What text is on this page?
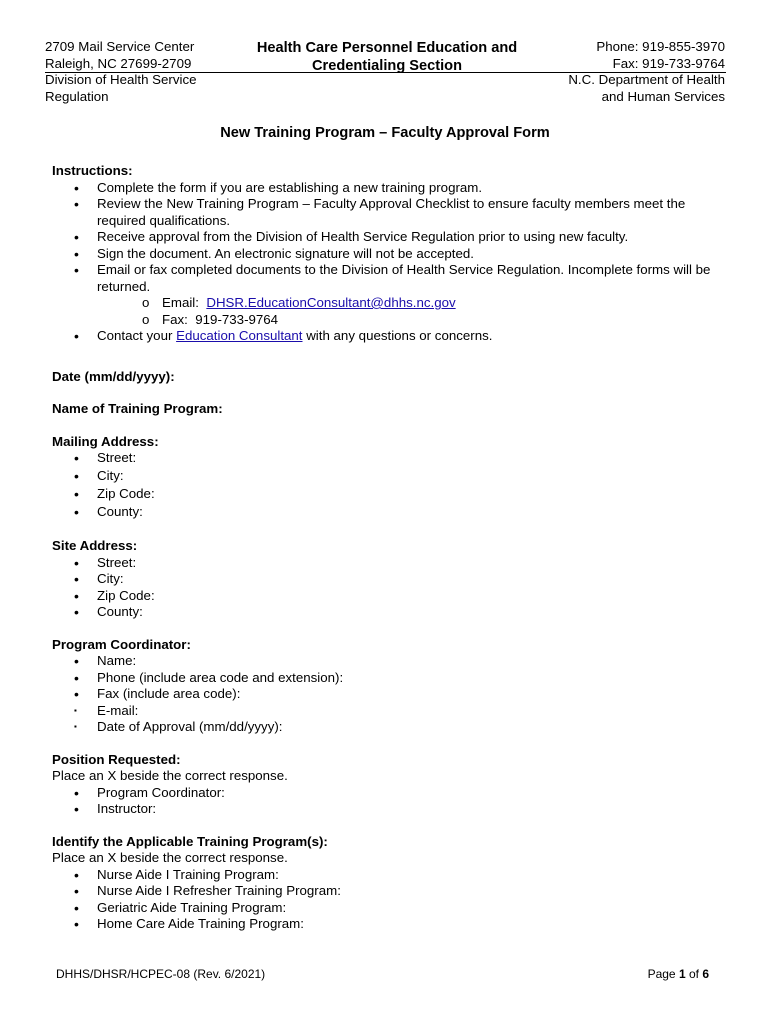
2709 Mail Service Center
Raleigh, NC 27699-2709
Division of Health Service
Regulation
Health Care Personnel Education and
Credentialing Section
Phone: 919-855-3970
Fax: 919-733-9764
N.C. Department of Health
and Human Services
New Training Program – Faculty Approval Form
Instructions:
• Complete the form if you are establishing a new training program.
• Review the New Training Program – Faculty Approval Checklist to ensure faculty members meet the required qualifications.
• Receive approval from the Division of Health Service Regulation prior to using new faculty.
• Sign the document. An electronic signature will not be accepted.
• Email or fax completed documents to the Division of Health Service Regulation. Incomplete forms will be returned.
o Email: DHSR.EducationConsultant@dhhs.nc.gov
o Fax: 919-733-9764
• Contact your Education Consultant with any questions or concerns.
Date (mm/dd/yyyy):
Name of Training Program:
Mailing Address:
• Street:
• City:
• Zip Code:
• County:
Site Address:
• Street:
• City:
• Zip Code:
• County:
Program Coordinator:
• Name:
• Phone (include area code and extension):
• Fax (include area code):
▪ E-mail:
▪ Date of Approval (mm/dd/yyyy):
Position Requested:
Place an X beside the correct response.
• Program Coordinator:
• Instructor:
Identify the Applicable Training Program(s):
Place an X beside the correct response.
• Nurse Aide I Training Program:
• Nurse Aide I Refresher Training Program:
• Geriatric Aide Training Program:
• Home Care Aide Training Program:
DHHS/DHSR/HCPEC-08 (Rev. 6/2021)	Page 1 of 6
